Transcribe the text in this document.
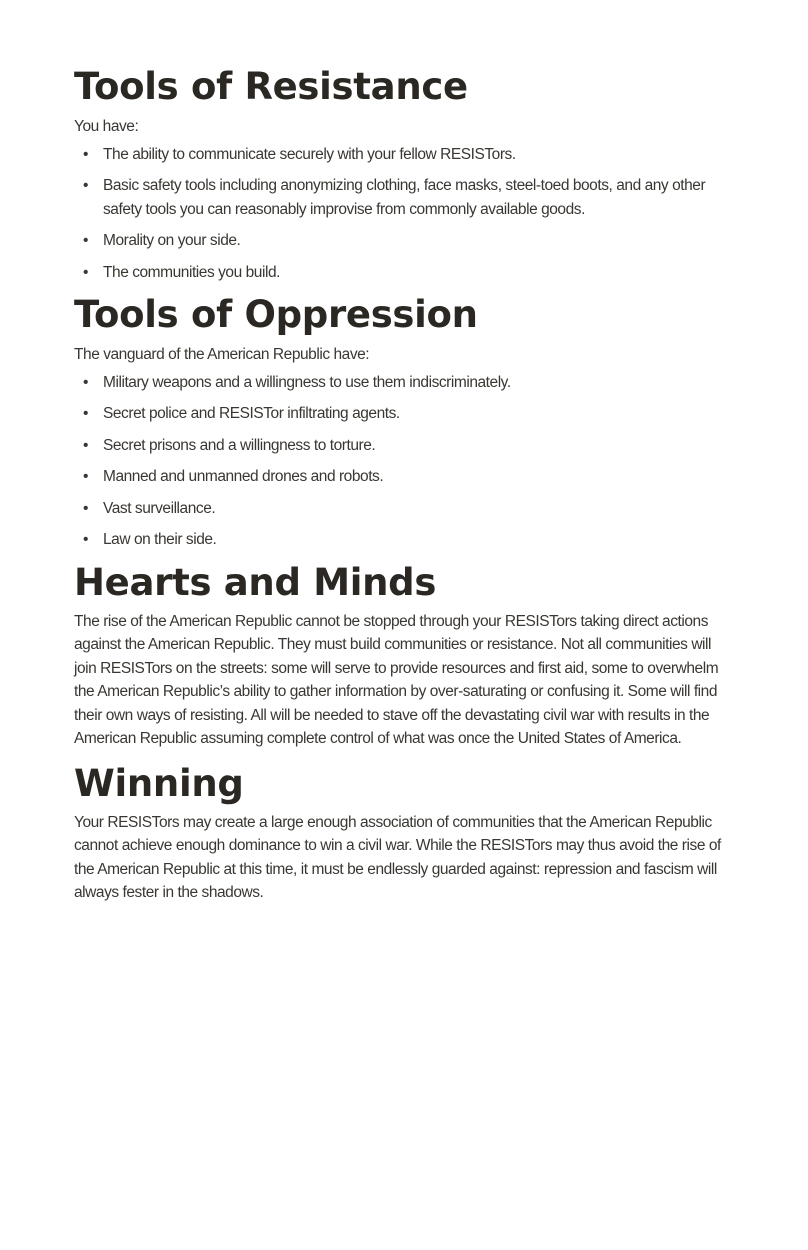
Tools of Resistance

You have:

• The ability to communicate securely with your fellow RESISTors.
• Basic safety tools including anonymizing clothing, face masks, steel-toed boots, and any other safety tools you can reasonably improvise from commonly available goods.
• Morality on your side.
• The communities you build.
Tools of Oppression

The vanguard of the American Republic have:

• Military weapons and a willingness to use them indiscriminately.
• Secret police and RESISTor infiltrating agents.
• Secret prisons and a willingness to torture.
• Manned and unmanned drones and robots.
• Vast surveillance.
• Law on their side.
Hearts and Minds

The rise of the American Republic cannot be stopped through your RESISTors taking direct actions against the American Republic. They must build communities or resistance. Not all communities will join RESISTors on the streets: some will serve to provide resources and first aid, some to overwhelm the American Republic’s ability to gather information by over-saturating or confusing it. Some will find their own ways of resisting. All will be needed to stave off the devastating civil war with results in the American Republic assuming complete control of what was once the United States of America.

Winning

Your RESISTors may create a large enough association of communities that the American Republic cannot achieve enough dominance to win a civil war. While the RESISTors may thus avoid the rise of the American Republic at this time, it must be endlessly guarded against: repression and fascism will always fester in the shadows.
